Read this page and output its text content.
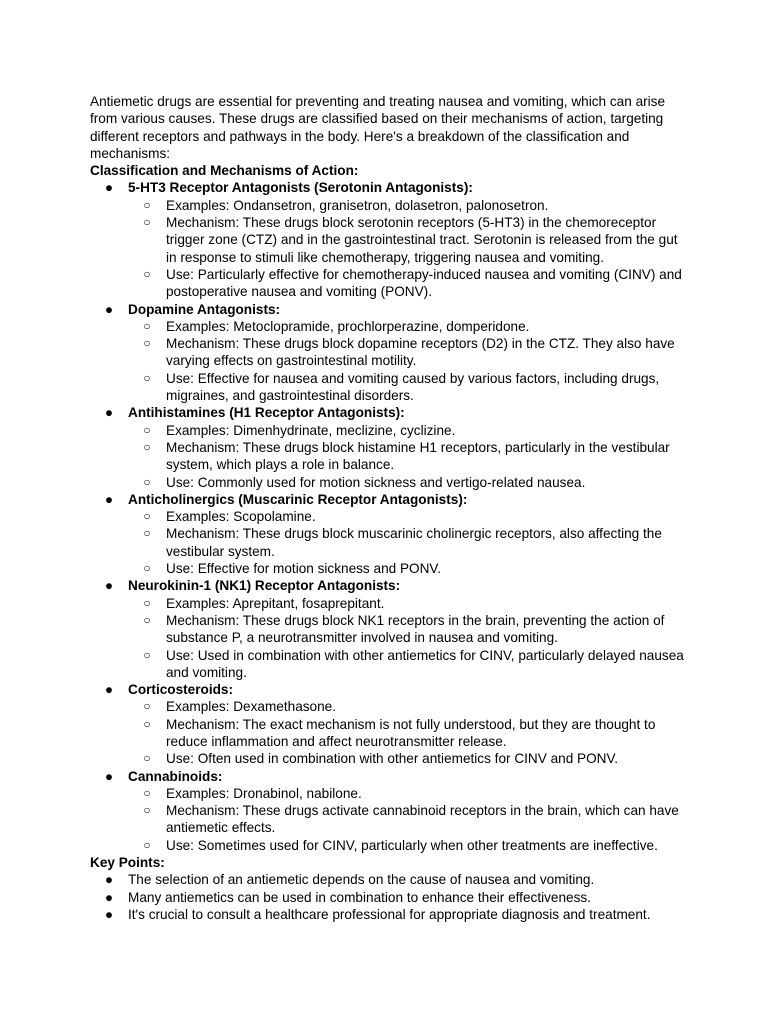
Antiemetic drugs are essential for preventing and treating nausea and vomiting, which can arise from various causes. These drugs are classified based on their mechanisms of action, targeting different receptors and pathways in the body. Here's a breakdown of the classification and mechanisms:

Classification and Mechanisms of Action:

● 5-HT3 Receptor Antagonists (Serotonin Antagonists):
○ Examples: Ondansetron, granisetron, dolasetron, palonosetron.
○ Mechanism: These drugs block serotonin receptors (5-HT3) in the chemoreceptor trigger zone (CTZ) and in the gastrointestinal tract. Serotonin is released from the gut in response to stimuli like chemotherapy, triggering nausea and vomiting.
○ Use: Particularly effective for chemotherapy-induced nausea and vomiting (CINV) and postoperative nausea and vomiting (PONV).
● Dopamine Antagonists:
○ Examples: Metoclopramide, prochlorperazine, domperidone.
○ Mechanism: These drugs block dopamine receptors (D2) in the CTZ. They also have varying effects on gastrointestinal motility.
○ Use: Effective for nausea and vomiting caused by various factors, including drugs, migraines, and gastrointestinal disorders.
● Antihistamines (H1 Receptor Antagonists):
○ Examples: Dimenhydrinate, meclizine, cyclizine.
○ Mechanism: These drugs block histamine H1 receptors, particularly in the vestibular system, which plays a role in balance.
○ Use: Commonly used for motion sickness and vertigo-related nausea.
● Anticholinergics (Muscarinic Receptor Antagonists):
○ Examples: Scopolamine.
○ Mechanism: These drugs block muscarinic cholinergic receptors, also affecting the vestibular system.
○ Use: Effective for motion sickness and PONV.
● Neurokinin-1 (NK1) Receptor Antagonists:
○ Examples: Aprepitant, fosaprepitant.
○ Mechanism: These drugs block NK1 receptors in the brain, preventing the action of substance P, a neurotransmitter involved in nausea and vomiting.
○ Use: Used in combination with other antiemetics for CINV, particularly delayed nausea and vomiting.
● Corticosteroids:
○ Examples: Dexamethasone.
○ Mechanism: The exact mechanism is not fully understood, but they are thought to reduce inflammation and affect neurotransmitter release.
○ Use: Often used in combination with other antiemetics for CINV and PONV.
● Cannabinoids:
○ Examples: Dronabinol, nabilone.
○ Mechanism: These drugs activate cannabinoid receptors in the brain, which can have antiemetic effects.
○ Use: Sometimes used for CINV, particularly when other treatments are ineffective.

Key Points:

● The selection of an antiemetic depends on the cause of nausea and vomiting.
● Many antiemetics can be used in combination to enhance their effectiveness.
● It's crucial to consult a healthcare professional for appropriate diagnosis and treatment.
